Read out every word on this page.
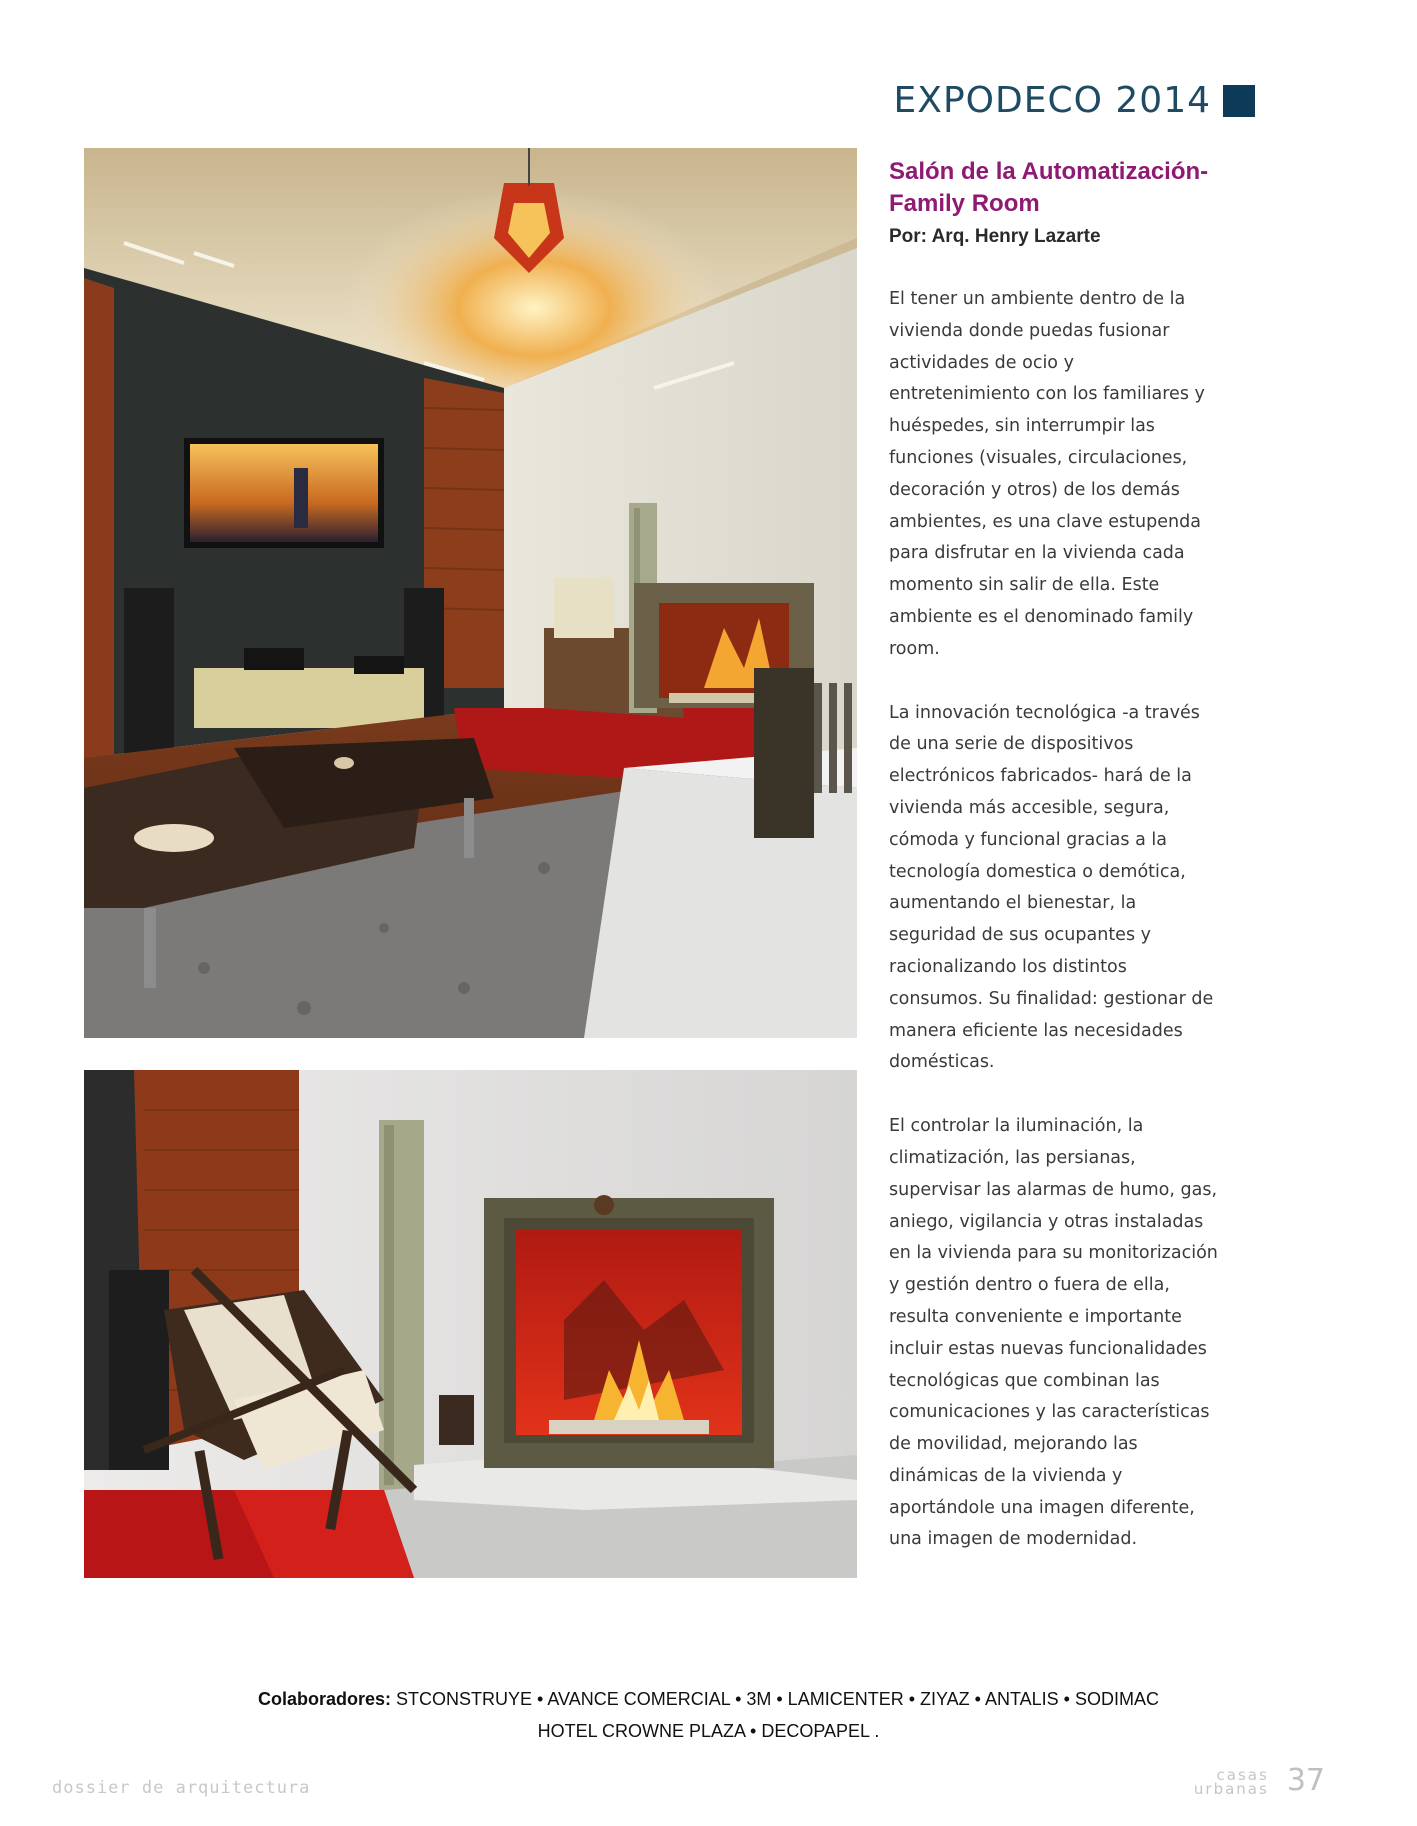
EXPODECO 2014
Salón de la Automatización- Family Room
Por: Arq. Henry Lazarte

El tener un ambiente dentro de la vivienda donde puedas fusionar actividades de ocio y entretenimiento con los familiares y huéspedes, sin interrumpir las funciones (visuales, circulaciones, decoración y otros) de los demás ambientes, es una clave estupenda para disfrutar en la vivienda cada momento sin salir de ella. Este ambiente es el denominado family room.

La innovación tecnológica -a través de una serie de dispositivos electrónicos fabricados- hará de la vivienda más accesible, segura, cómoda y funcional gracias a la tecnología domestica o demótica, aumentando el bienestar, la seguridad de sus ocupantes y racionalizando los distintos consumos. Su finalidad: gestionar de manera eficiente las necesidades domésticas.

El controlar la iluminación, la climatización, las persianas, supervisar las alarmas de humo, gas, aniego, vigilancia y otras instaladas en la vivienda para su monitorización y gestión dentro o fuera de ella, resulta conveniente e importante incluir estas nuevas funcionalidades tecnológicas que combinan las comunicaciones y las características de movilidad, mejorando las dinámicas de la vivienda y aportándole una imagen diferente, una imagen de modernidad.

Colaboradores: STCONSTRUYE • AVANCE COMERCIAL • 3M • LAMICENTER • ZIYAZ • ANTALIS • SODIMAC
HOTEL CROWNE PLAZA • DECOPAPEL .
dossier de arquitectura
casas
urbanas 37
